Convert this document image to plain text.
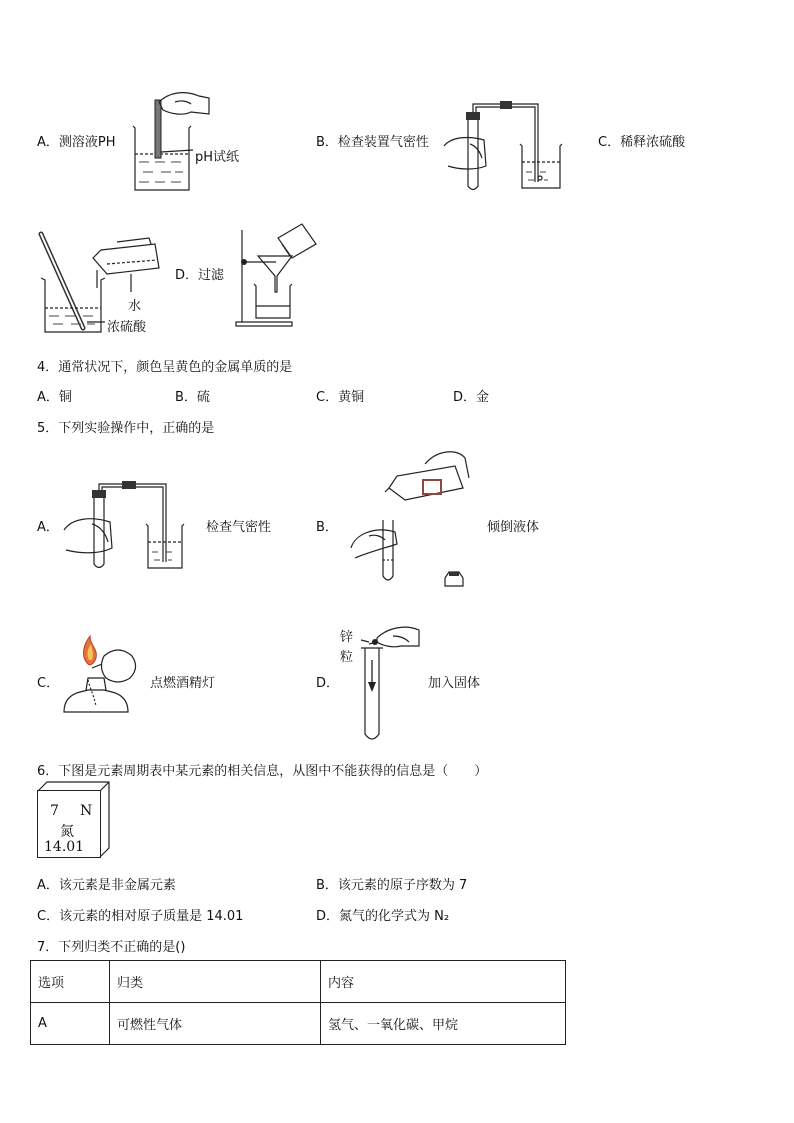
A．测溶液PH
pH试纸
B．检查装置气密性	C．稀释浓硫酸
水
浓硫酸
D．过滤
4．通常状况下，颜色呈黄色的金属单质的是
A．铜	B．硫	C．黄铜	D．金
5．下列实验操作中，正确的是
A．	检查气密性	B．	倾倒液体
C．	点燃酒精灯	D．
锌
粒
加入固体
6．下图是元素周期表中某元素的相关信息，从图中不能获得的信息是（　　）
7 N
氮
14.01
A．该元素是非金属元素	B．该元素的原子序数为 7
C．该元素的相对原子质量是 14.01	D．氮气的化学式为 N₂
7．下列归类不正确的是()
选项	归类	内容
A	可燃性气体	氢气、一氧化碳、甲烷
